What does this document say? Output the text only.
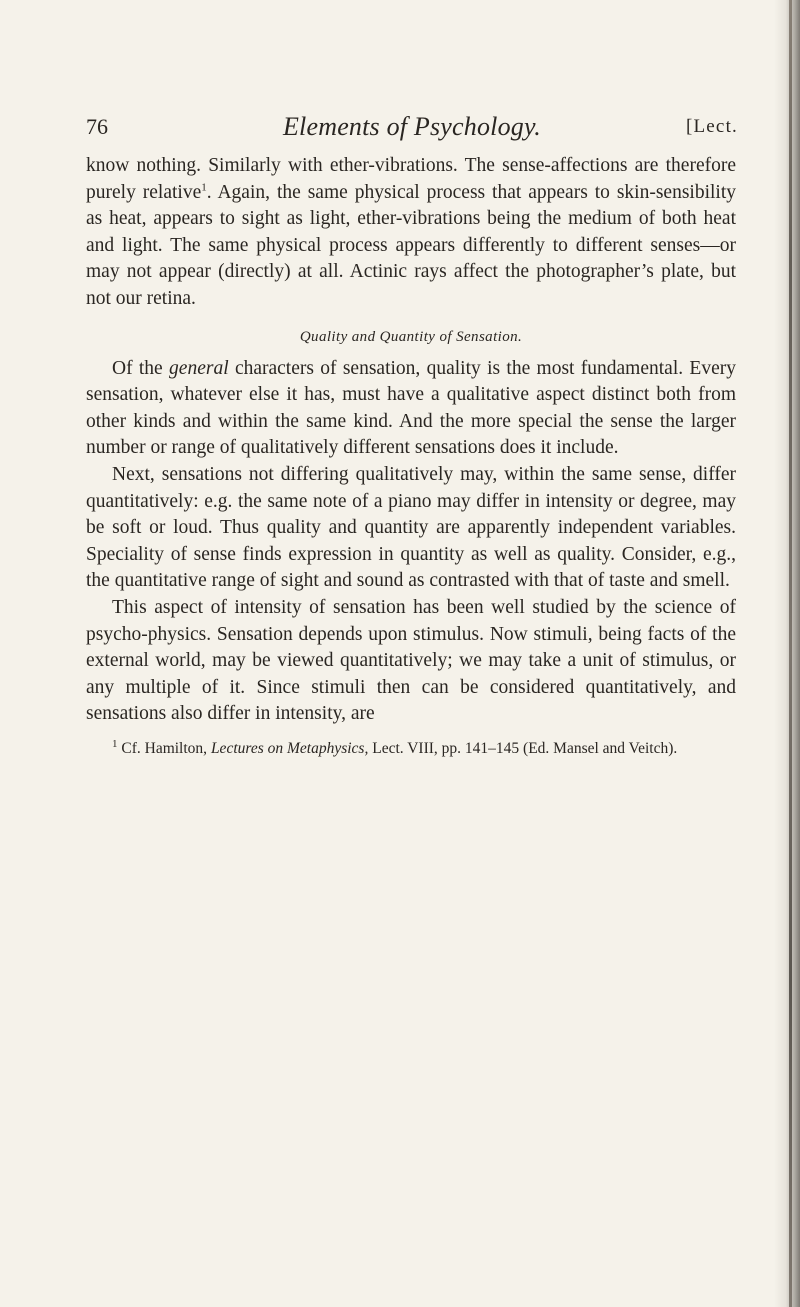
76	Elements of Psychology.	[Lect.

know nothing. Similarly with ether-vibrations. The sense-affections are therefore purely relative$^1$. Again, the same physical process that appears to skin-sensibility as heat, appears to sight as light, ether-vibrations being the medium of both heat and light. The same physical process appears differently to different senses—or may not appear (directly) at all. Actinic rays affect the photographer’s plate, but not our retina.

Quality and Quantity of Sensation.

Of the general characters of sensation, quality is the most fundamental. Every sensation, whatever else it has, must have a qualitative aspect distinct both from other kinds and within the same kind. And the more special the sense the larger number or range of qualitatively different sensations does it include.

Next, sensations not differing qualitatively may, within the same sense, differ quantitatively: e.g. the same note of a piano may differ in intensity or degree, may be soft or loud. Thus quality and quantity are apparently independent variables. Speciality of sense finds expression in quantity as well as quality. Consider, e.g., the quantitative range of sight and sound as contrasted with that of taste and smell.

This aspect of intensity of sensation has been well studied by the science of psycho-physics. Sensation depends upon stimulus. Now stimuli, being facts of the external world, may be viewed quantitatively; we may take a unit of stimulus, or any multiple of it. Since stimuli then can be considered quantitatively, and sensations also differ in intensity, are

$^1$ Cf. Hamilton, Lectures on Metaphysics, Lect. VIII, pp. 141–145 (Ed. Mansel and Veitch).
